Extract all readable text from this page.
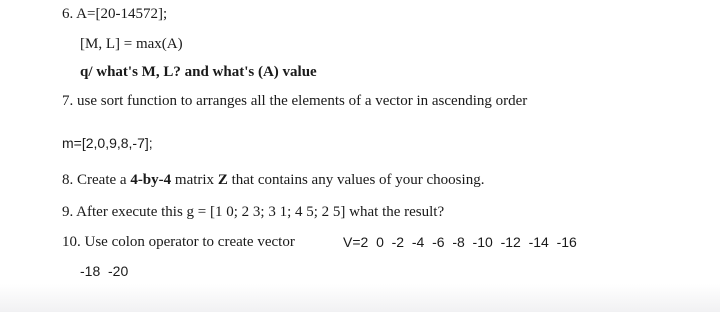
6. A=[20-14572];
[M, L] = max(A)
q/ what's M, L? and what's (A) value
7. use sort function to arranges all the elements of a vector in ascending order
m=[2,0,9,8,-7];
8. Create a 4-by-4 matrix Z that contains any values of your choosing.
9. After execute this g = [1 0; 2 3; 3 1; 4 5; 2 5] what the result?
10. Use colon operator to create vector	V=2  0  -2  -4  -6  -8  -10  -12  -14  -16
-18  -20
